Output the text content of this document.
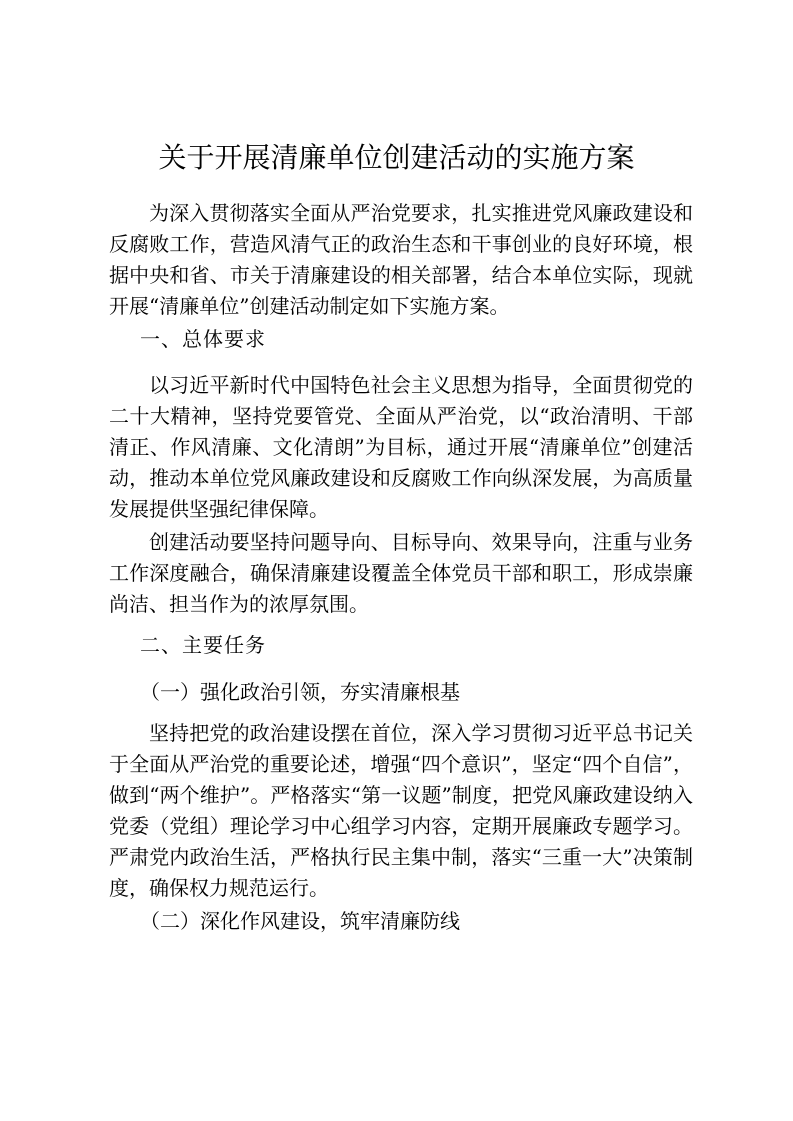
关于开展清廉单位创建活动的实施方案
为深入贯彻落实全面从严治党要求，扎实推进党风廉政建设和反腐败工作，营造风清气正的政治生态和干事创业的良好环境，根据中央和省、市关于清廉建设的相关部署，结合本单位实际，现就开展“清廉单位”创建活动制定如下实施方案。
一、总体要求
以习近平新时代中国特色社会主义思想为指导，全面贯彻党的二十大精神，坚持党要管党、全面从严治党，以“政治清明、干部清正、作风清廉、文化清朗”为目标，通过开展“清廉单位”创建活动，推动本单位党风廉政建设和反腐败工作向纵深发展，为高质量发展提供坚强纪律保障。
创建活动要坚持问题导向、目标导向、效果导向，注重与业务工作深度融合，确保清廉建设覆盖全体党员干部和职工，形成崇廉尚洁、担当作为的浓厚氛围。
二、主要任务
（一）强化政治引领，夯实清廉根基
坚持把党的政治建设摆在首位，深入学习贯彻习近平总书记关于全面从严治党的重要论述，增强“四个意识”，坚定“四个自信”，做到“两个维护”。严格落实“第一议题”制度，把党风廉政建设纳入党委（党组）理论学习中心组学习内容，定期开展廉政专题学习。严肃党内政治生活，严格执行民主集中制，落实“三重一大”决策制度，确保权力规范运行。
（二）深化作风建设，筑牢清廉防线
